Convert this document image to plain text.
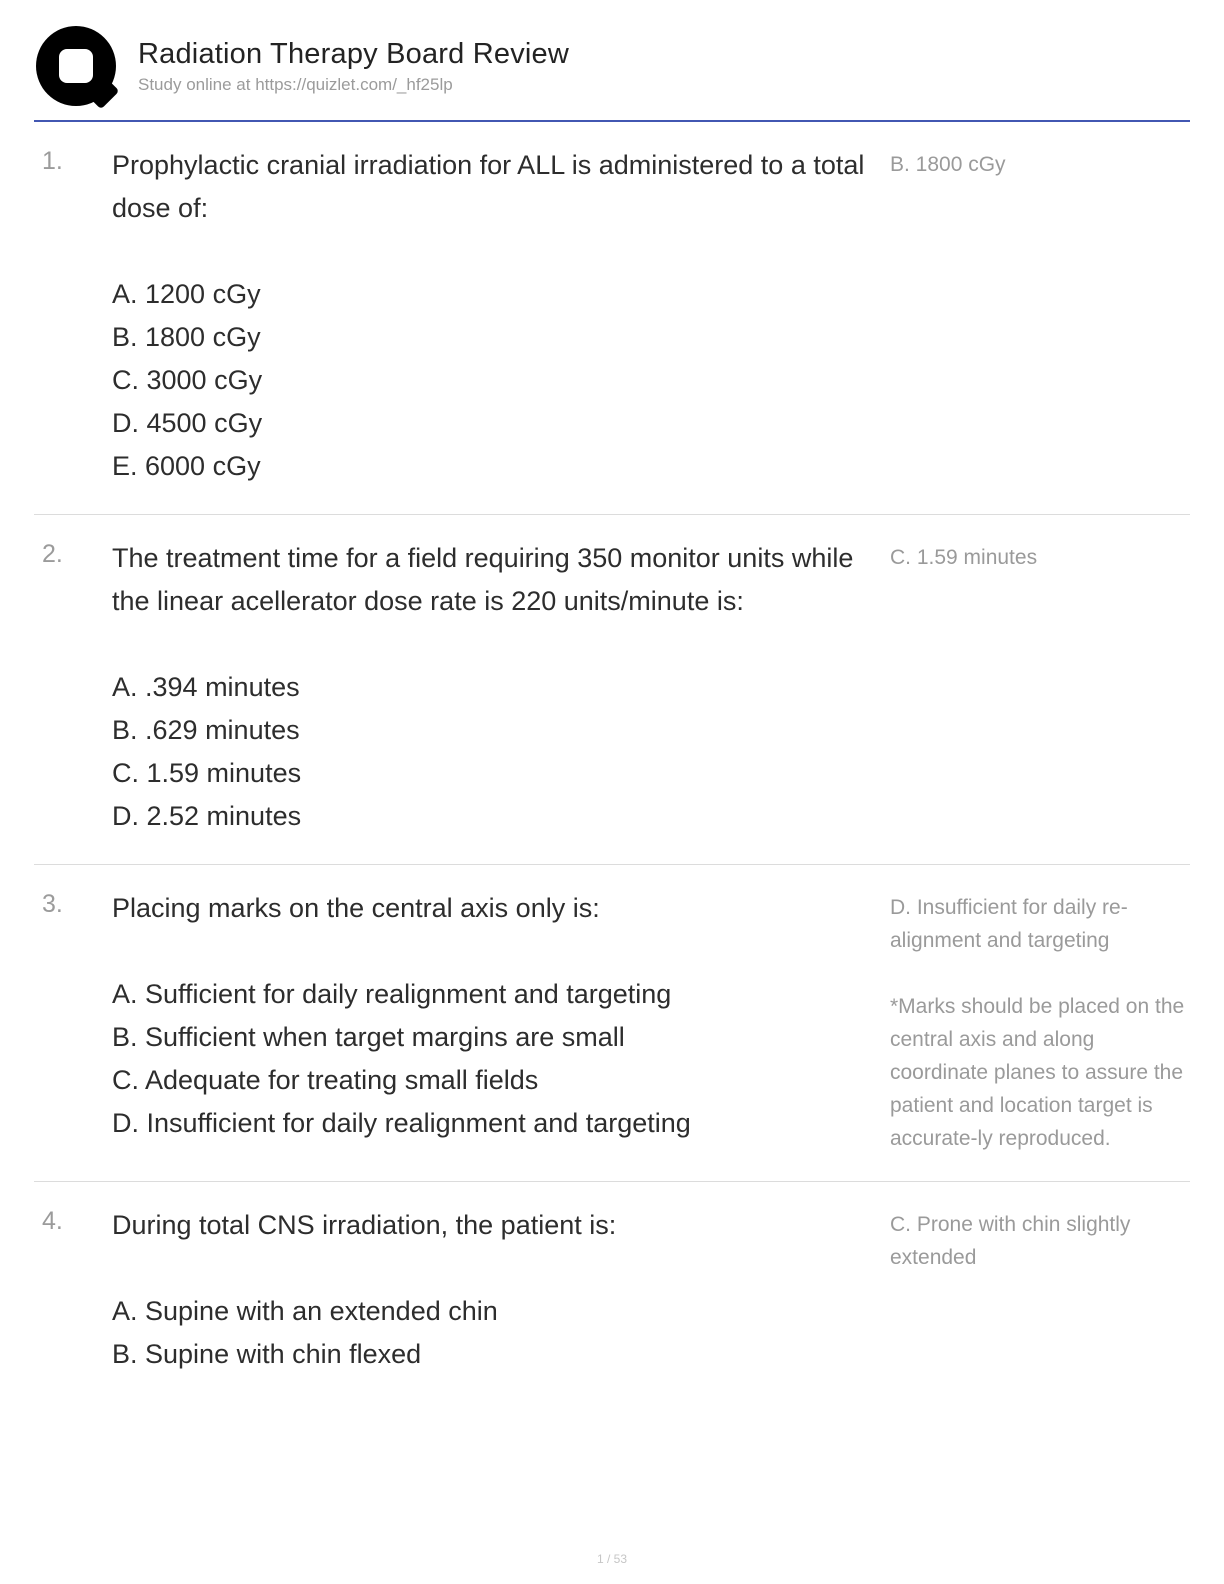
Radiation Therapy Board Review
Study online at https://quizlet.com/_hf25lp
1.	Prophylactic cranial irradiation for ALL is administered to a total dose of:
A. 1200 cGy
B. 1800 cGy
C. 3000 cGy
D. 4500 cGy
E. 6000 cGy
B. 1800 cGy
2.	The treatment time for a field requiring 350 monitor units while the linear acellerator dose rate is 220 units/minute is:
A. .394 minutes
B. .629 minutes
C. 1.59 minutes
D. 2.52 minutes
C. 1.59 minutes
3.	Placing marks on the central axis only is:
A. Sufficient for daily realignment and targeting
B. Sufficient when target margins are small
C. Adequate for treating small fields
D. Insufficient for daily realignment and targeting
D. Insufficient for daily re-alignment and targeting
*Marks should be placed on the central axis and along coordinate planes to assure the patient and location target is accurate-ly reproduced.
4.	During total CNS irradiation, the patient is:
A. Supine with an extended chin
B. Supine with chin flexed
C. Prone with chin slightly extended
1 / 53
